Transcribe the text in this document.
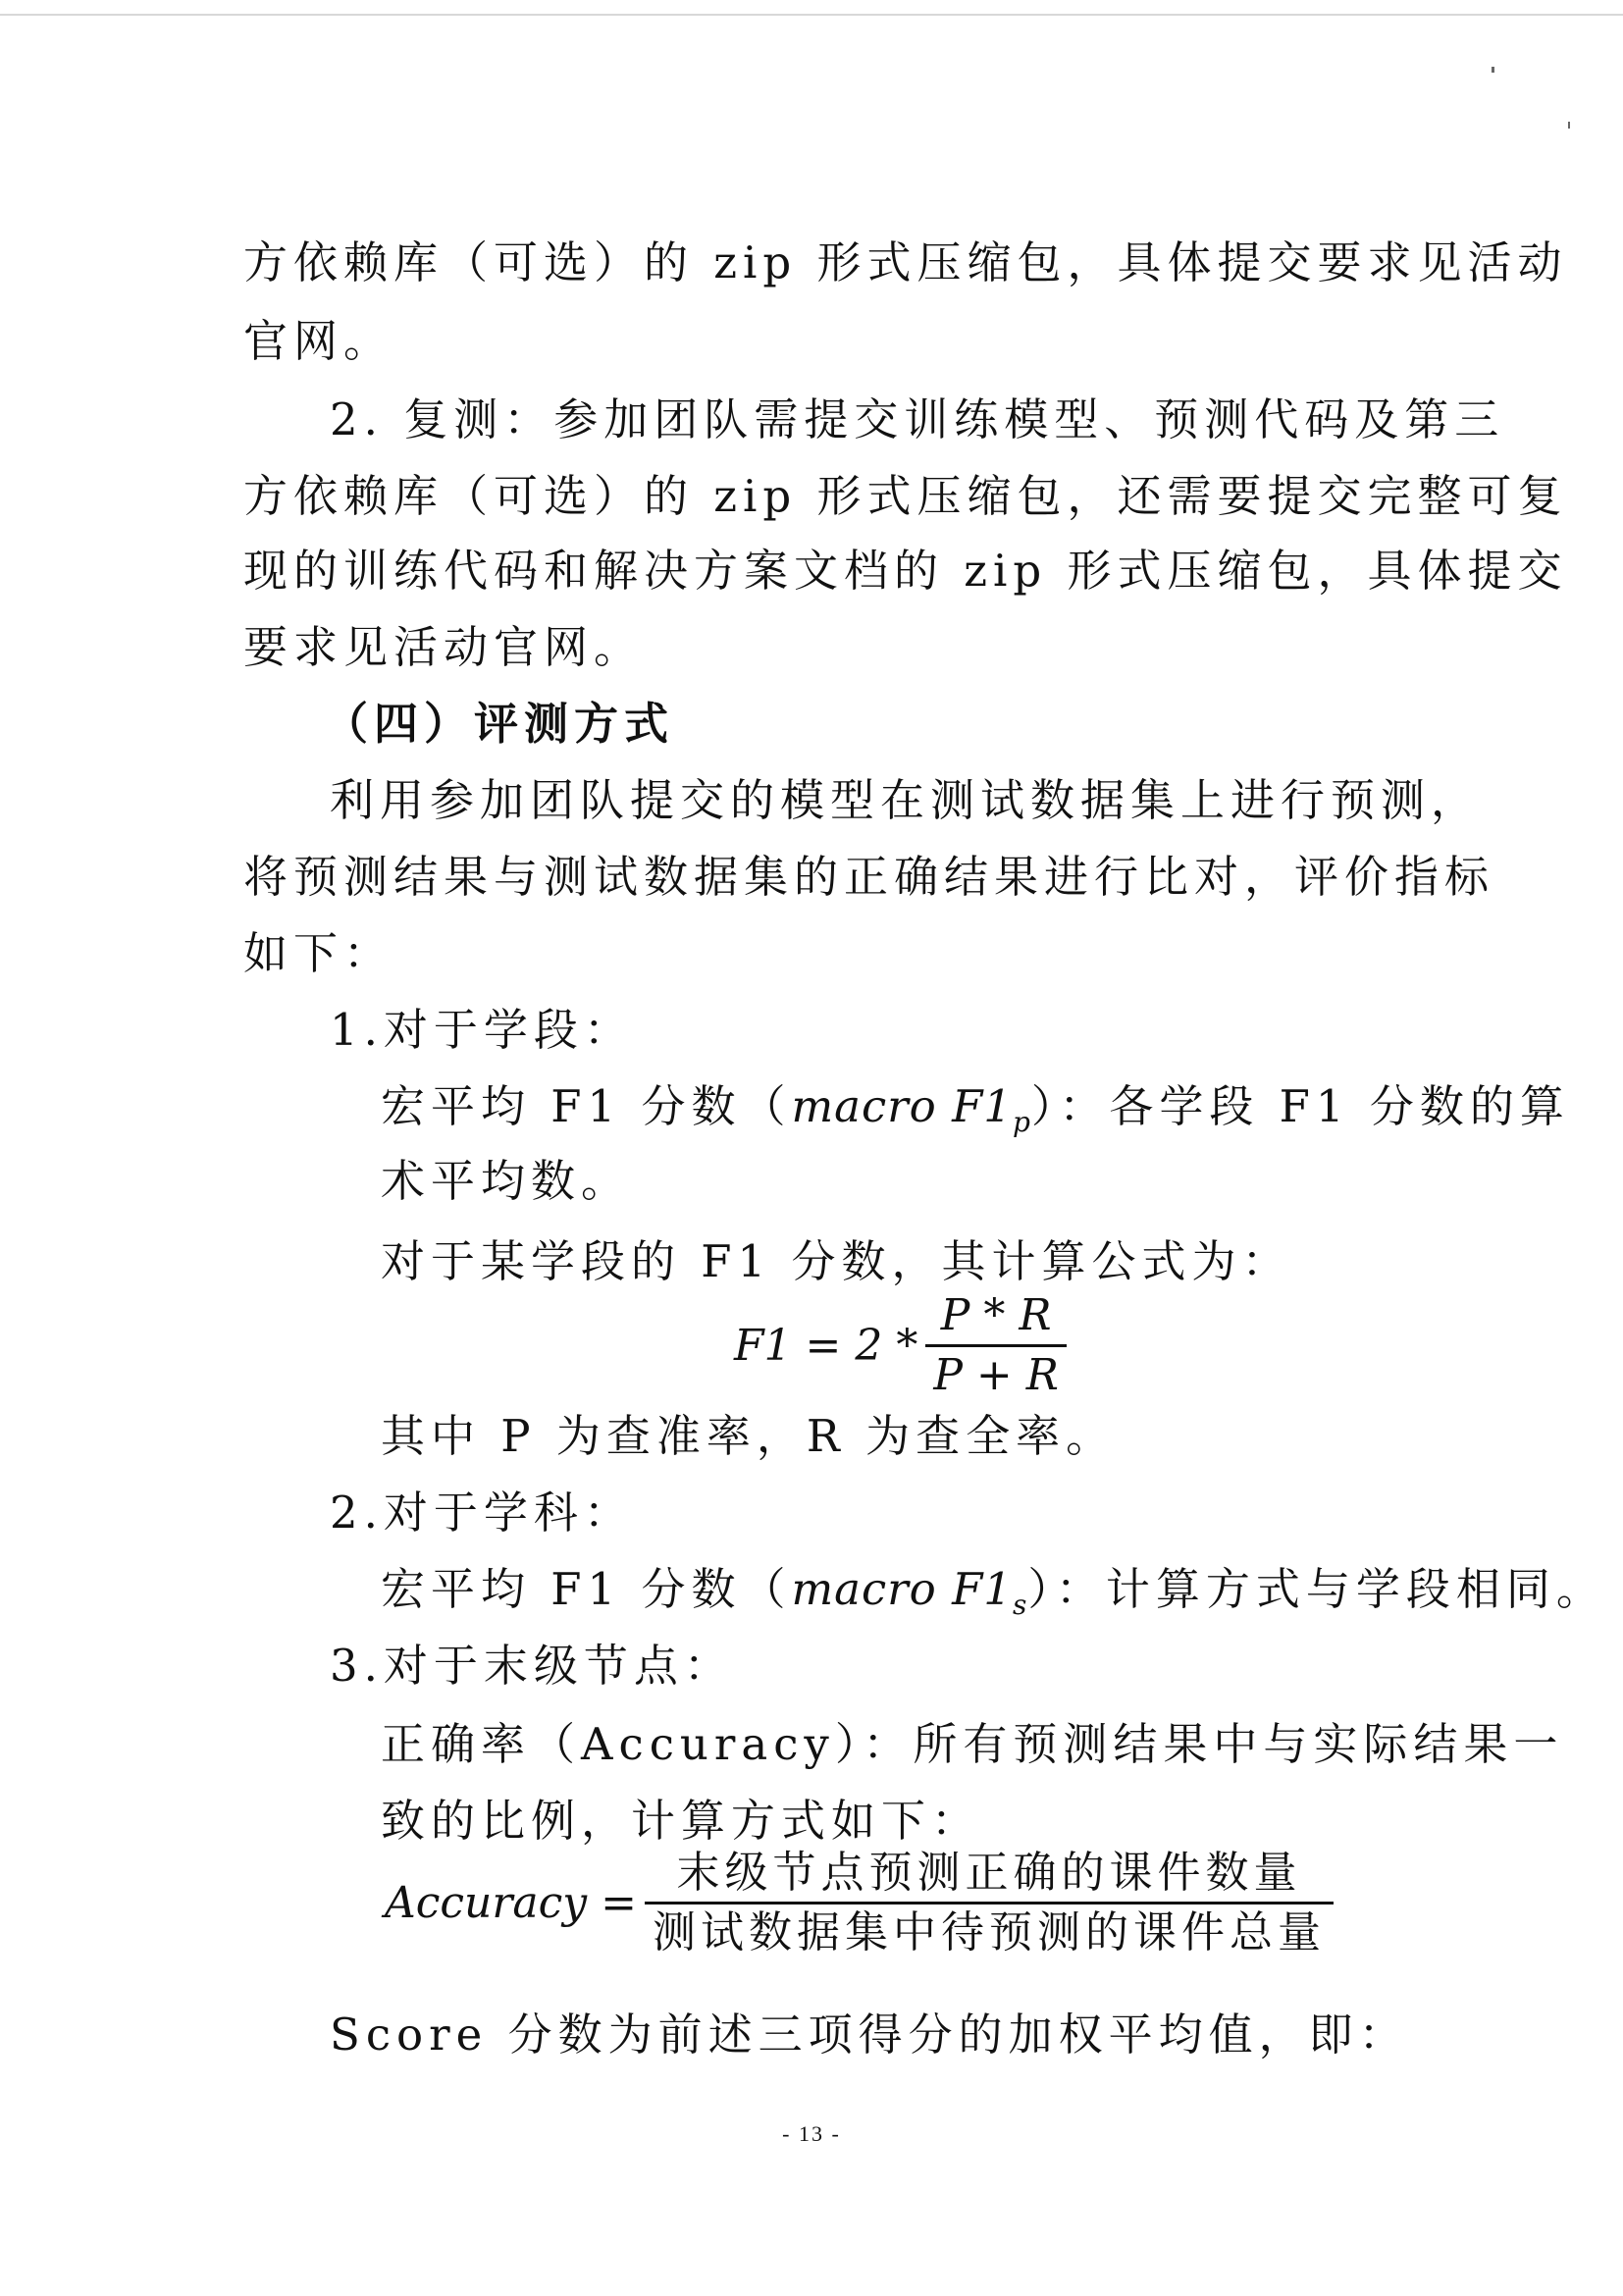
方依赖库（可选）的 zip 形式压缩包，具体提交要求见活动
官网。
2. 复测：参加团队需提交训练模型、预测代码及第三
方依赖库（可选）的 zip 形式压缩包，还需要提交完整可复
现的训练代码和解决方案文档的 zip 形式压缩包，具体提交
要求见活动官网。
（四）评测方式
利用参加团队提交的模型在测试数据集上进行预测，
将预测结果与测试数据集的正确结果进行比对，评价指标
如下：
1.对于学段：
宏平均 F1 分数（macro $F1_p$）：各学段 F1 分数的算
术平均数。
对于某学段的 F1 分数，其计算公式为：
$F1 = 2 * \frac{P * R}{P + R}$
其中 P 为查准率，R 为查全率。
2.对于学科：
宏平均 F1 分数（macro $F1_s$）：计算方式与学段相同。
3.对于末级节点：
正确率（Accuracy）：所有预测结果中与实际结果一
致的比例，计算方式如下：
Accuracy = $\frac{\text{末级节点预测正确的课件数量}}{\text{测试数据集中待预测的课件总量}}$
Score 分数为前述三项得分的加权平均值，即：
- 13 -
